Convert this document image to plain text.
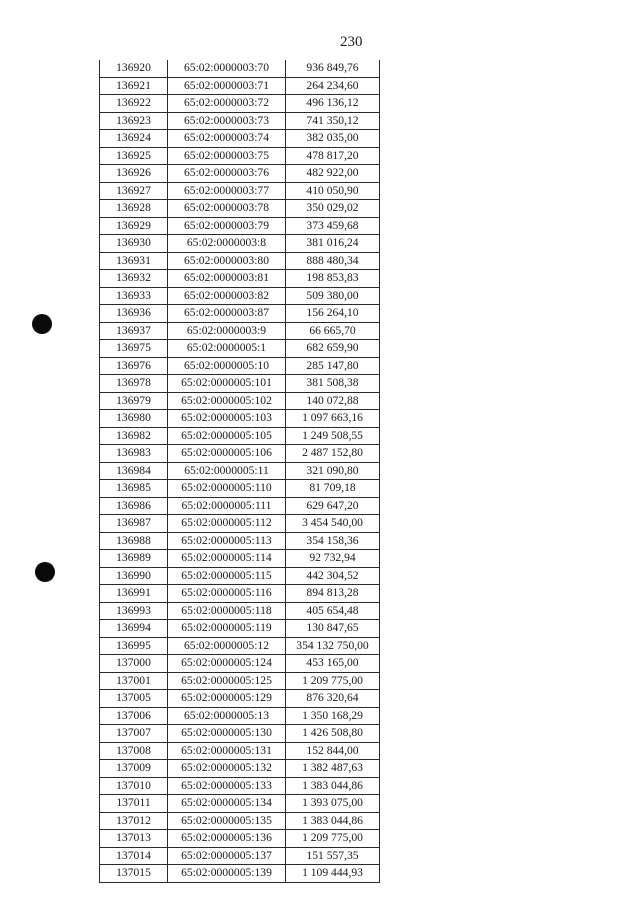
230
136920	65:02:0000003:70	936 849,76
136921	65:02:0000003:71	264 234,60
136922	65:02:0000003:72	496 136,12
136923	65:02:0000003:73	741 350,12
136924	65:02:0000003:74	382 035,00
136925	65:02:0000003:75	478 817,20
136926	65:02:0000003:76	482 922,00
136927	65:02:0000003:77	410 050,90
136928	65:02:0000003:78	350 029,02
136929	65:02:0000003:79	373 459,68
136930	65:02:0000003:8	381 016,24
136931	65:02:0000003:80	888 480,34
136932	65:02:0000003:81	198 853,83
136933	65:02:0000003:82	509 380,00
136936	65:02:0000003:87	156 264,10
136937	65:02:0000003:9	66 665,70
136975	65:02:0000005:1	682 659,90
136976	65:02:0000005:10	285 147,80
136978	65:02:0000005:101	381 508,38
136979	65:02:0000005:102	140 072,88
136980	65:02:0000005:103	1 097 663,16
136982	65:02:0000005:105	1 249 508,55
136983	65:02:0000005:106	2 487 152,80
136984	65:02:0000005:11	321 090,80
136985	65:02:0000005:110	81 709,18
136986	65:02:0000005:111	629 647,20
136987	65:02:0000005:112	3 454 540,00
136988	65:02:0000005:113	354 158,36
136989	65:02:0000005:114	92 732,94
136990	65:02:0000005:115	442 304,52
136991	65:02:0000005:116	894 813,28
136993	65:02:0000005:118	405 654,48
136994	65:02:0000005:119	130 847,65
136995	65:02:0000005:12	354 132 750,00
137000	65:02:0000005:124	453 165,00
137001	65:02:0000005:125	1 209 775,00
137005	65:02:0000005:129	876 320,64
137006	65:02:0000005:13	1 350 168,29
137007	65:02:0000005:130	1 426 508,80
137008	65:02:0000005:131	152 844,00
137009	65:02:0000005:132	1 382 487,63
137010	65:02:0000005:133	1 383 044,86
137011	65:02:0000005:134	1 393 075,00
137012	65:02:0000005:135	1 383 044,86
137013	65:02:0000005:136	1 209 775,00
137014	65:02:0000005:137	151 557,35
137015	65:02:0000005:139	1 109 444,93
